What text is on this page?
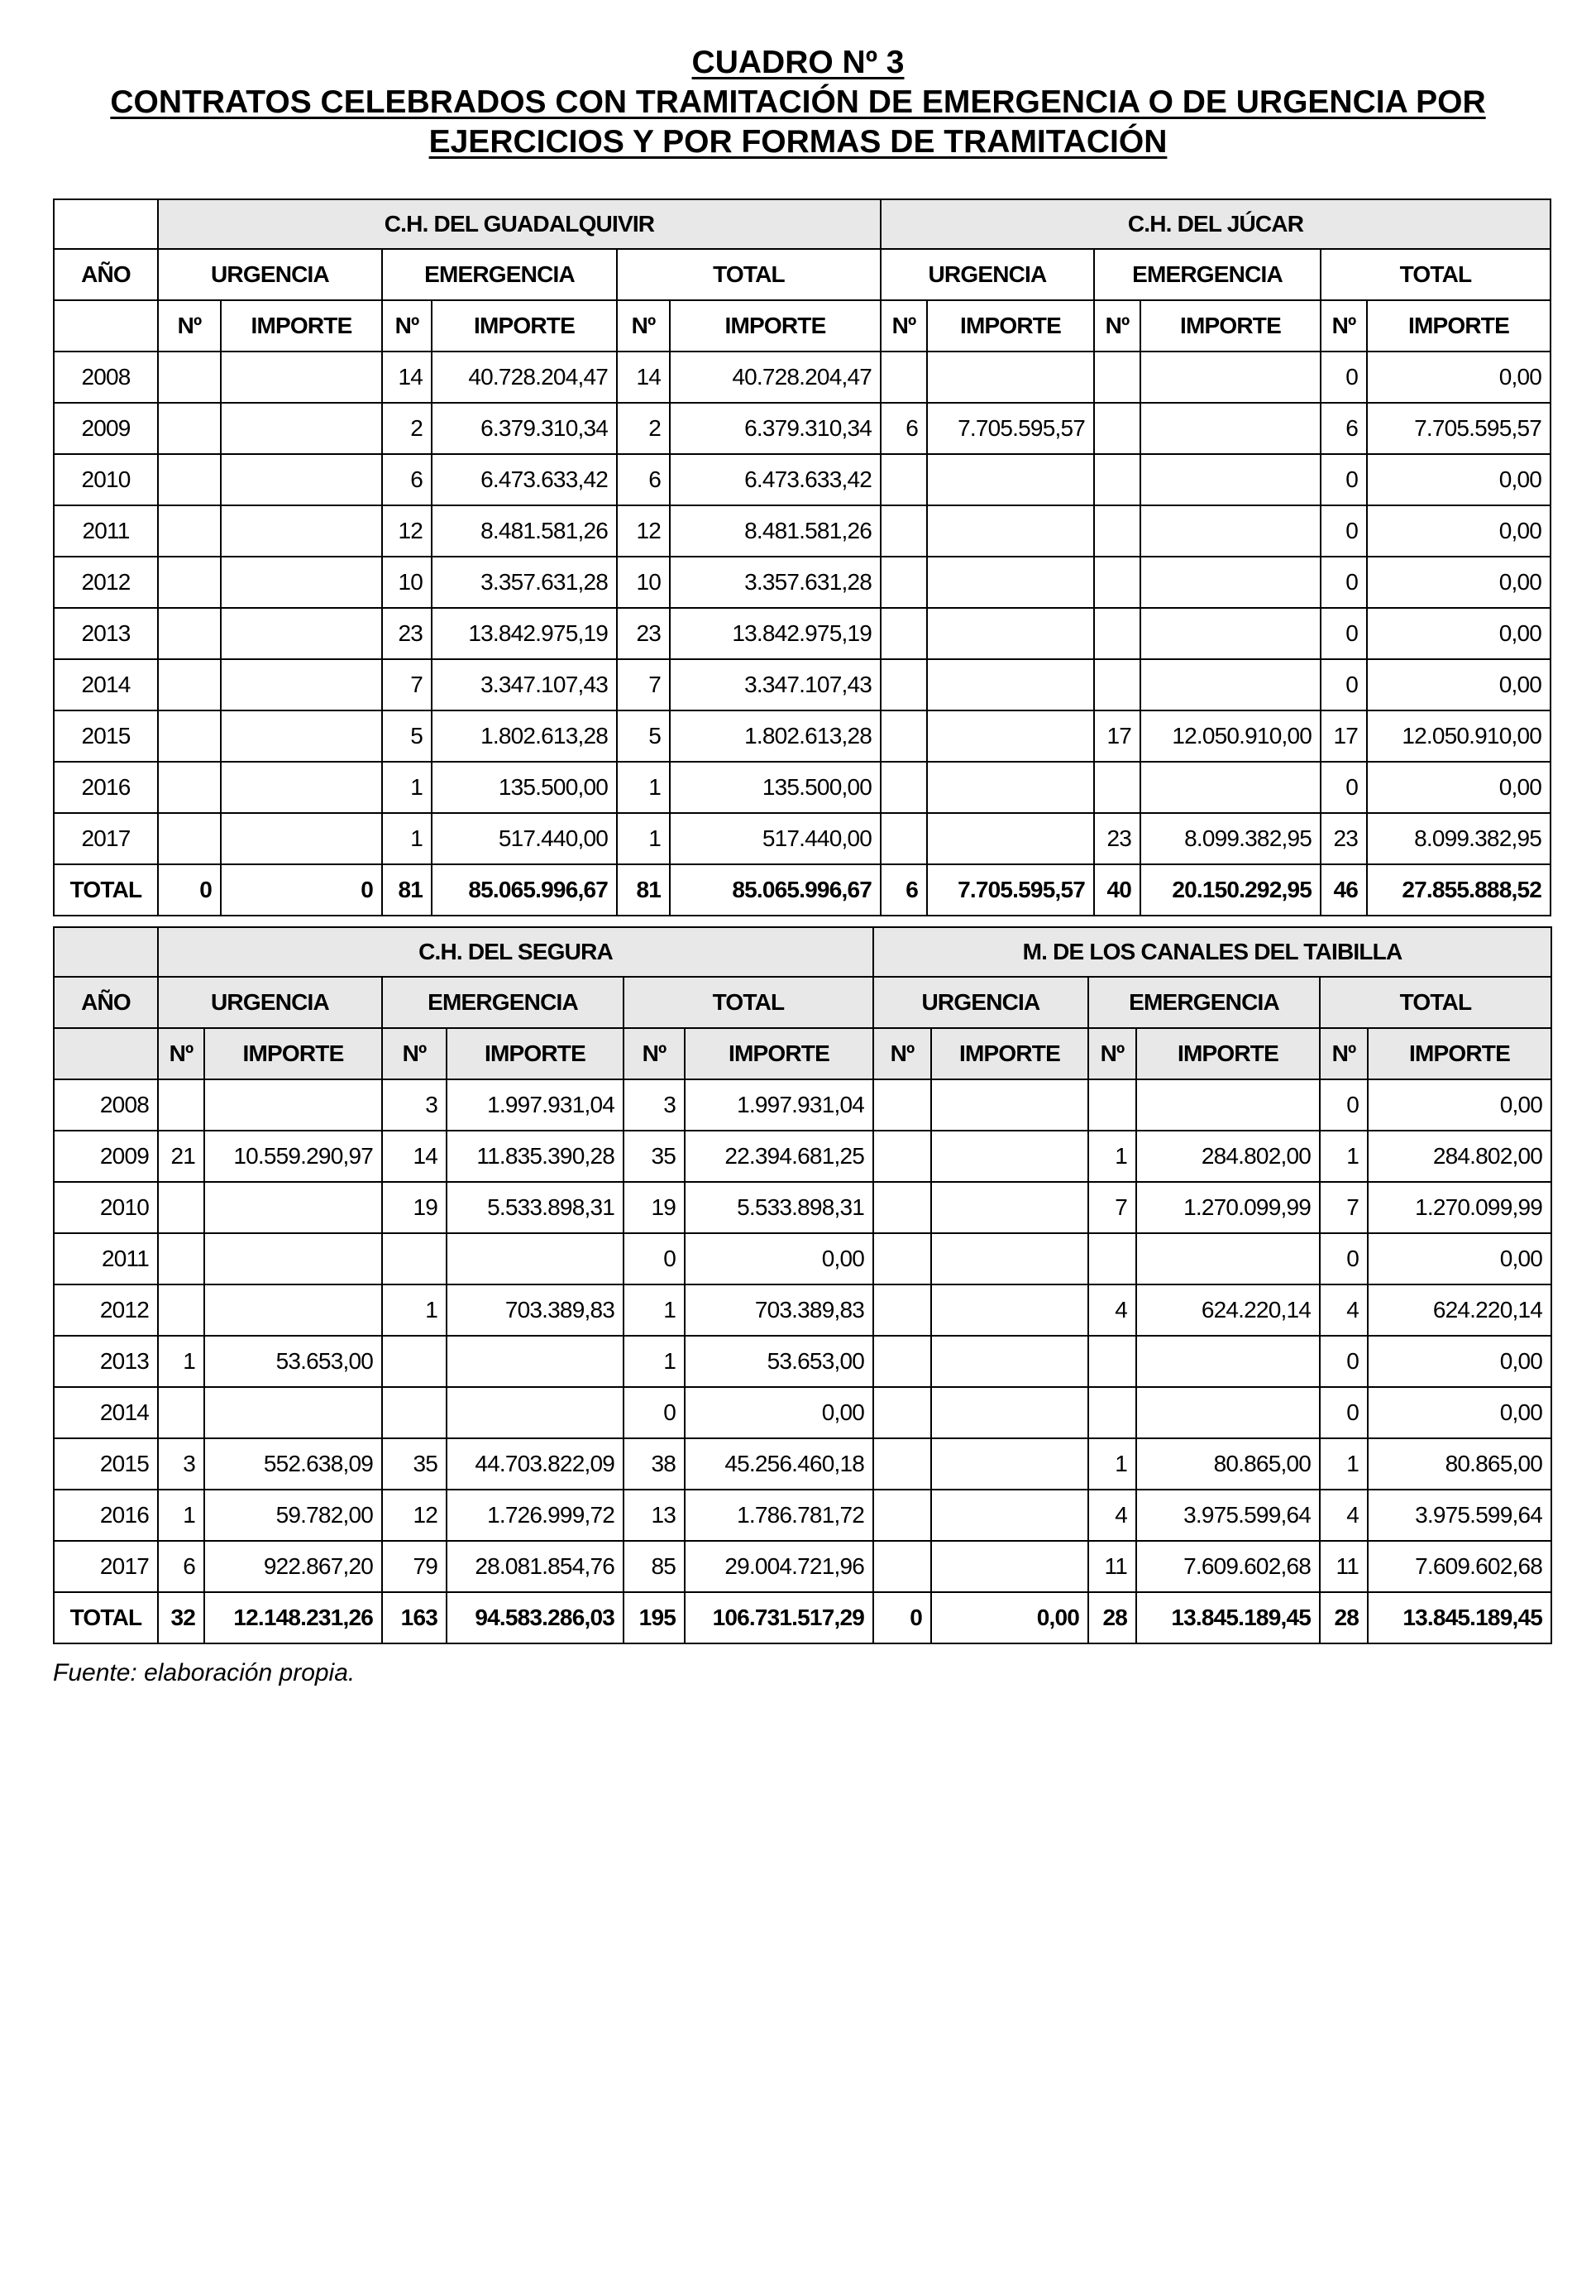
CUADRO Nº 3
CONTRATOS CELEBRADOS CON TRAMITACIÓN DE EMERGENCIA O DE URGENCIA POR
EJERCICIOS Y POR FORMAS DE TRAMITACIÓN
	C.H. DEL GUADALQUIVIR						C.H. DEL JÚCAR					
AÑO	URGENCIA		EMERGENCIA		TOTAL		URGENCIA		EMERGENCIA		TOTAL	
	Nº	IMPORTE	Nº	IMPORTE	Nº	IMPORTE	Nº	IMPORTE	Nº	IMPORTE	Nº	IMPORTE
2008			14	40.728.204,47	14	40.728.204,47					0	0,00
2009			2	6.379.310,34	2	6.379.310,34	6	7.705.595,57			6	7.705.595,57
2010			6	6.473.633,42	6	6.473.633,42					0	0,00
2011			12	8.481.581,26	12	8.481.581,26					0	0,00
2012			10	3.357.631,28	10	3.357.631,28					0	0,00
2013			23	13.842.975,19	23	13.842.975,19					0	0,00
2014			7	3.347.107,43	7	3.347.107,43					0	0,00
2015			5	1.802.613,28	5	1.802.613,28			17	12.050.910,00	17	12.050.910,00
2016			1	135.500,00	1	135.500,00					0	0,00
2017			1	517.440,00	1	517.440,00			23	8.099.382,95	23	8.099.382,95
TOTAL	0	0	81	85.065.996,67	81	85.065.996,67	6	7.705.595,57	40	20.150.292,95	46	27.855.888,52
	C.H. DEL SEGURA						M. DE LOS CANALES DEL TAIBILLA					
AÑO	URGENCIA		EMERGENCIA		TOTAL		URGENCIA		EMERGENCIA		TOTAL	
	Nº	IMPORTE	Nº	IMPORTE	Nº	IMPORTE	Nº	IMPORTE	Nº	IMPORTE	Nº	IMPORTE
2008			3	1.997.931,04	3	1.997.931,04					0	0,00
2009	21	10.559.290,97	14	11.835.390,28	35	22.394.681,25			1	284.802,00	1	284.802,00
2010			19	5.533.898,31	19	5.533.898,31			7	1.270.099,99	7	1.270.099,99
2011					0	0,00					0	0,00
2012			1	703.389,83	1	703.389,83			4	624.220,14	4	624.220,14
2013	1	53.653,00			1	53.653,00					0	0,00
2014					0	0,00					0	0,00
2015	3	552.638,09	35	44.703.822,09	38	45.256.460,18			1	80.865,00	1	80.865,00
2016	1	59.782,00	12	1.726.999,72	13	1.786.781,72			4	3.975.599,64	4	3.975.599,64
2017	6	922.867,20	79	28.081.854,76	85	29.004.721,96			11	7.609.602,68	11	7.609.602,68
TOTAL	32	12.148.231,26	163	94.583.286,03	195	106.731.517,29	0	0,00	28	13.845.189,45	28	13.845.189,45
Fuente: elaboración propia.
